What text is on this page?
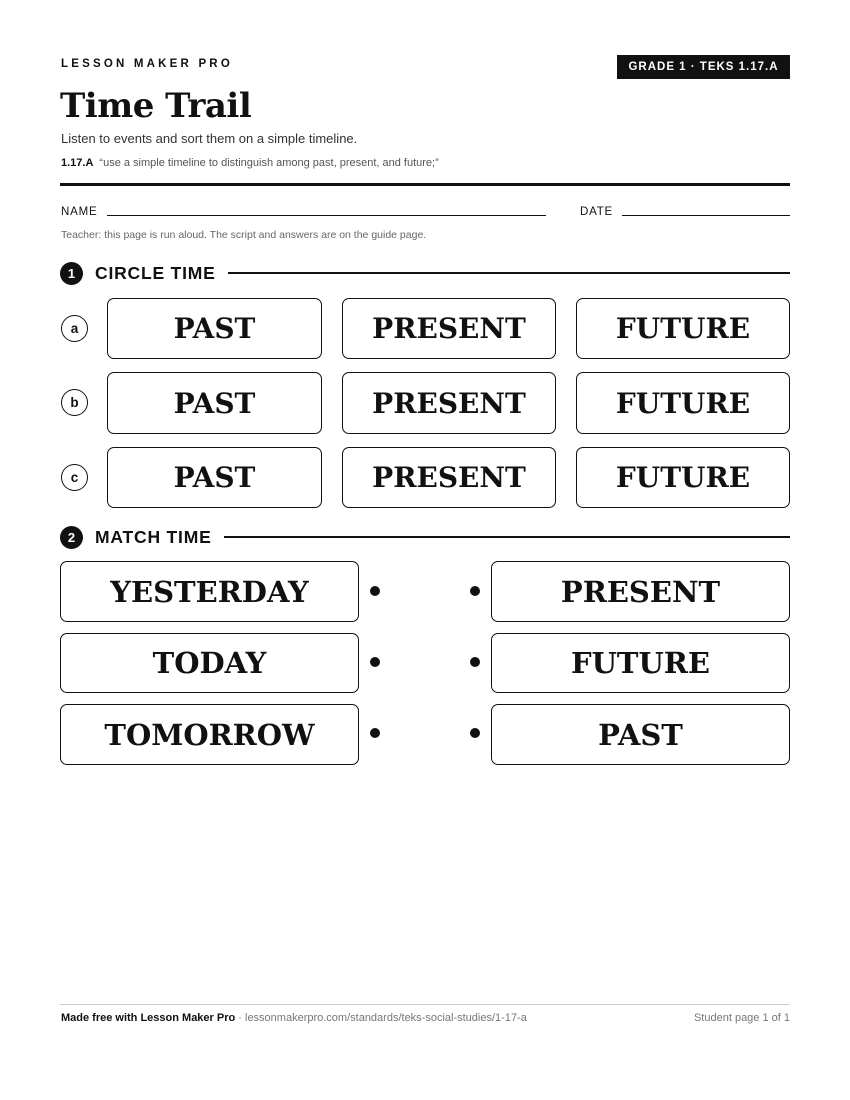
LESSON MAKER PRO	GRADE 1 · TEKS 1.17.A
Time Trail
Listen to events and sort them on a simple timeline.
1.17.A “use a simple timeline to distinguish among past, present, and future;”
NAME	DATE
Teacher: this page is run aloud. The script and answers are on the guide page.
1	CIRCLE TIME
a	PAST	PRESENT	FUTURE
b	PAST	PRESENT	FUTURE
c	PAST	PRESENT	FUTURE
2	MATCH TIME
YESTERDAY	PRESENT
TODAY	FUTURE
TOMORROW	PAST
Made free with Lesson Maker Pro · lessonmakerpro.com/standards/teks-social-studies/1-17-a	Student page 1 of 1
